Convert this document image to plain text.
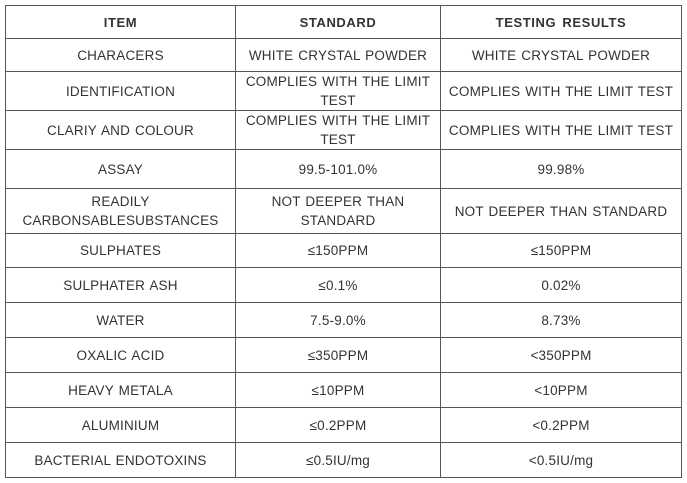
ITEM	STANDARD	TESTING RESULTS
CHARACERS	WHITE CRYSTAL POWDER	WHITE CRYSTAL POWDER
IDENTIFICATION	COMPLIES WITH THE LIMIT TEST	COMPLIES WITH THE LIMIT TEST
CLARIY AND COLOUR	COMPLIES WITH THE LIMIT TEST	COMPLIES WITH THE LIMIT TEST
ASSAY	99.5-101.0%	99.98%
READILY CARBONSABLESUBSTANCES	NOT DEEPER THAN STANDARD	NOT DEEPER THAN STANDARD
SULPHATES	≤150PPM	≤150PPM
SULPHATER ASH	≤0.1%	0.02%
WATER	7.5-9.0%	8.73%
OXALIC ACID	≤350PPM	<350PPM
HEAVY METALA	≤10PPM	<10PPM
ALUMINIUM	≤0.2PPM	<0.2PPM
BACTERIAL ENDOTOXINS	≤0.5IU/mg	<0.5IU/mg
